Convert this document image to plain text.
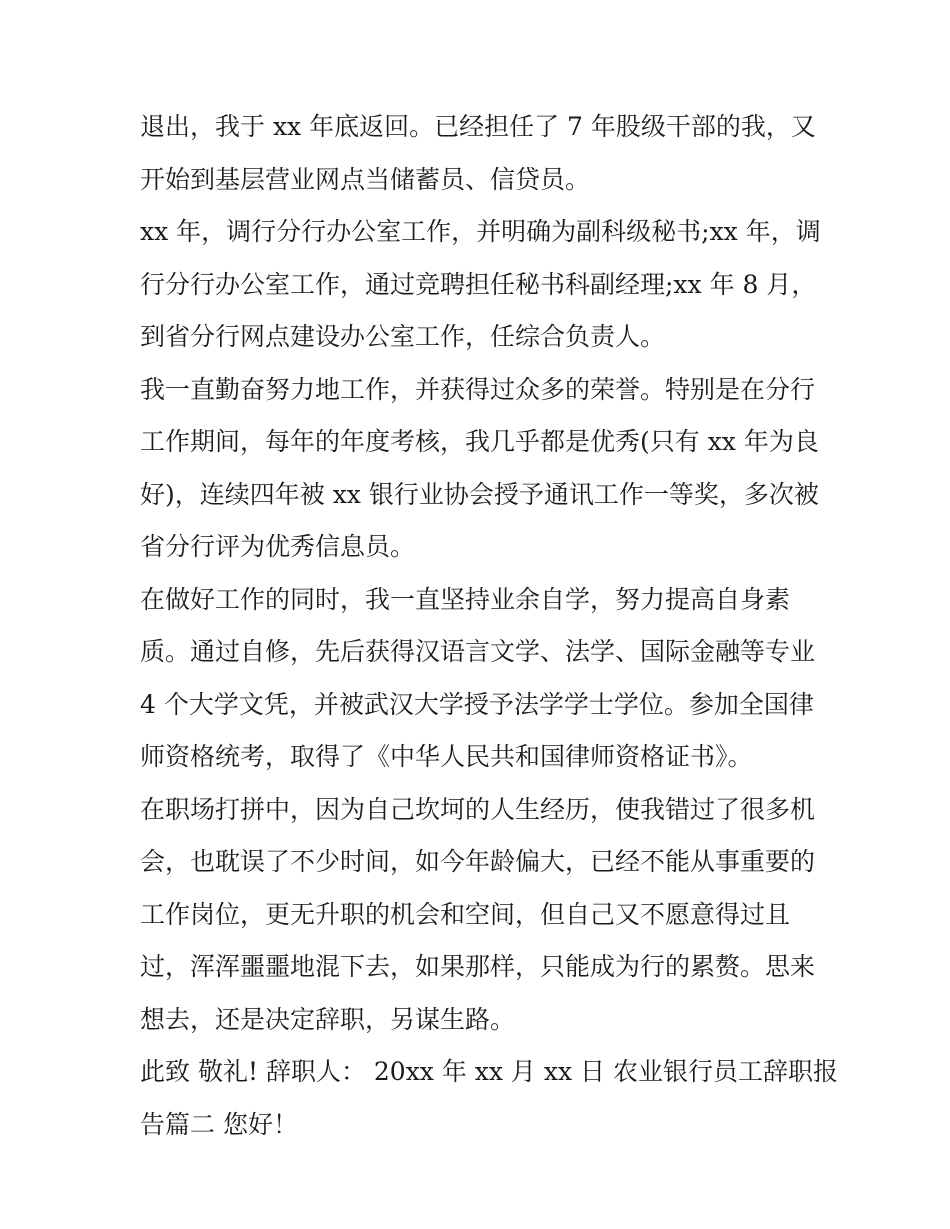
退出，我于 xx 年底返回。已经担任了 7 年股级干部的我，又
开始到基层营业网点当储蓄员、信贷员。

xx 年，调行分行办公室工作，并明确为副科级秘书;xx 年，调
行分行办公室工作，通过竞聘担任秘书科副经理;xx 年 8 月，
到省分行网点建设办公室工作，任综合负责人。

我一直勤奋努力地工作，并获得过众多的荣誉。特别是在分行
工作期间，每年的年度考核，我几乎都是优秀(只有 xx 年为良
好)，连续四年被 xx 银行业协会授予通讯工作一等奖，多次被
省分行评为优秀信息员。

在做好工作的同时，我一直坚持业余自学，努力提高自身素
质。通过自修，先后获得汉语言文学、法学、国际金融等专业
4 个大学文凭，并被武汉大学授予法学学士学位。参加全国律
师资格统考，取得了《中华人民共和国律师资格证书》。

在职场打拼中，因为自己坎坷的人生经历，使我错过了很多机
会，也耽误了不少时间，如今年龄偏大，已经不能从事重要的
工作岗位，更无升职的机会和空间，但自己又不愿意得过且
过，浑浑噩噩地混下去，如果那样，只能成为行的累赘。思来
想去，还是决定辞职，另谋生路。

此致 敬礼! 辞职人： 20xx 年 xx 月 xx 日 农业银行员工辞职报
告篇二 您好！
